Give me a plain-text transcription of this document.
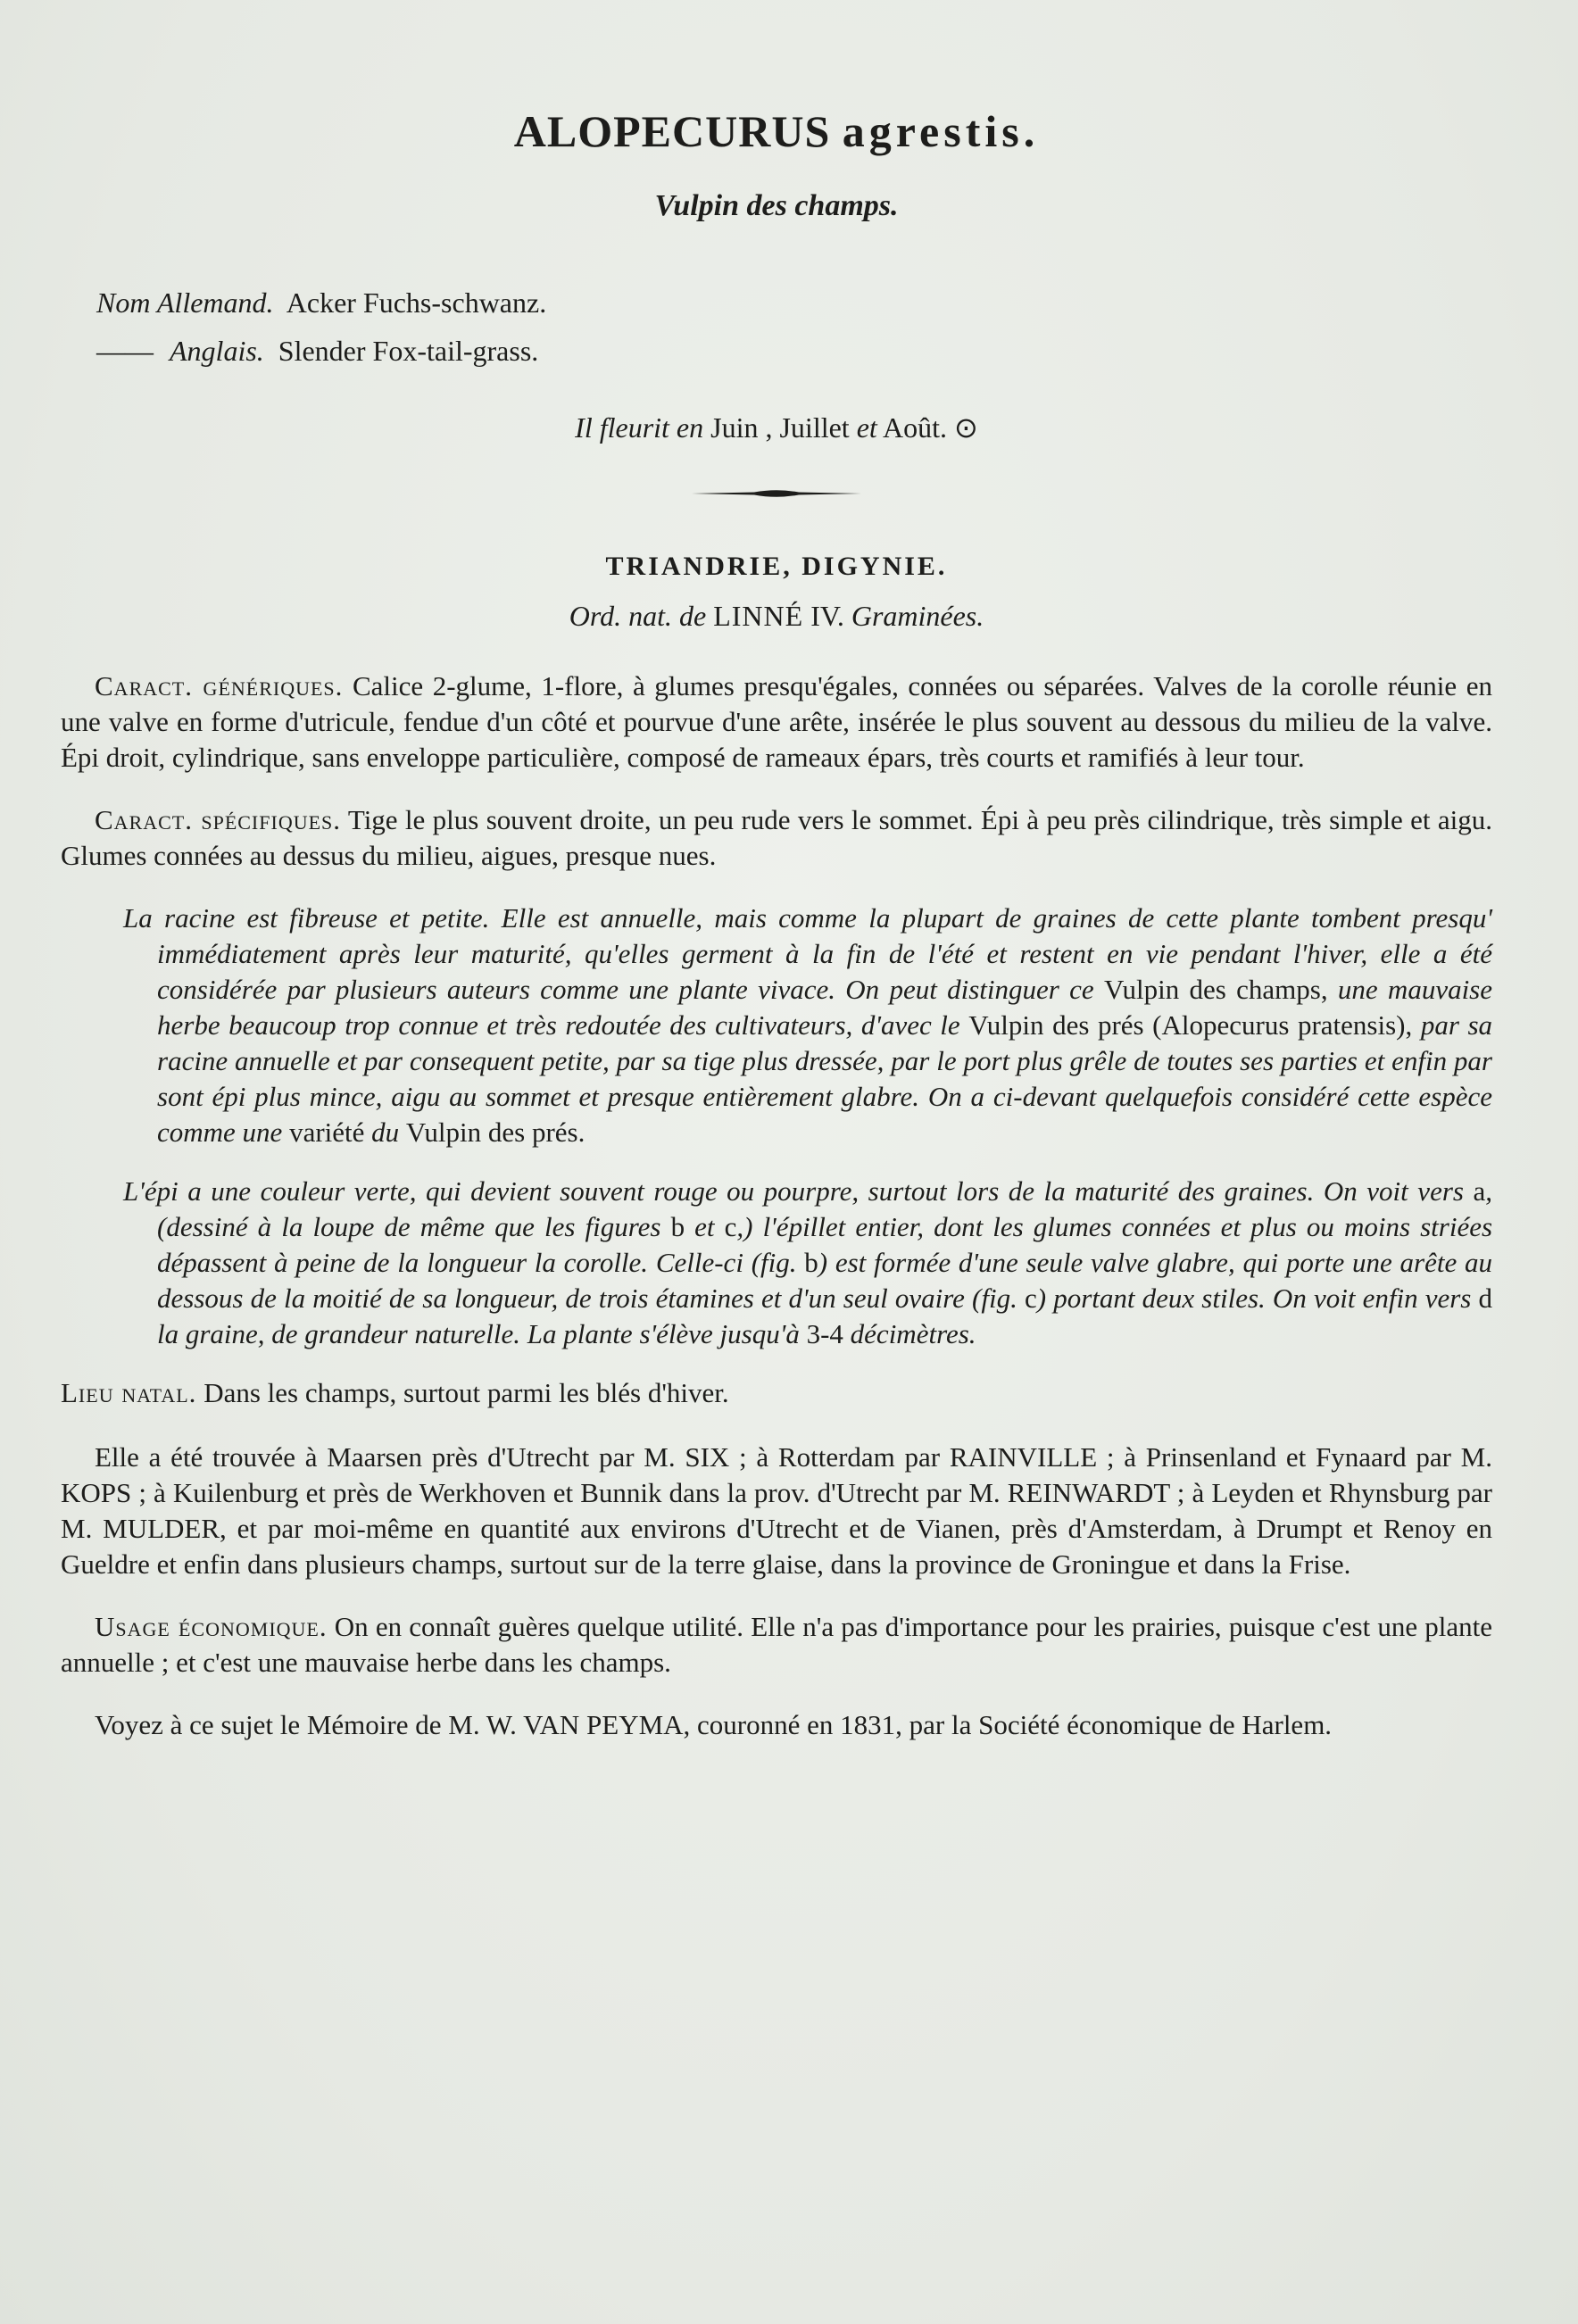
ALOPECURUS agrestis.
Vulpin des champs.
Nom Allemand. Acker Fuchs-schwanz.
—— Anglais. Slender Fox-tail-grass.
Il fleurit en Juin , Juillet et Août. ⊙
TRIANDRIE, DIGYNIE.
Ord. nat. de LINNÉ IV. Graminées.

Caract. génériques. Calice 2-glume, 1-flore, à glumes presqu'égales, connées ou séparées. Valves de la corolle réunie en une valve en forme d'utricule, fendue d'un côté et pourvue d'une arête, insérée le plus souvent au dessous du milieu de la valve. Épi droit, cylindrique, sans enveloppe particulière, composé de rameaux épars, très courts et ramifiés à leur tour.

Caract. spécifiques. Tige le plus souvent droite, un peu rude vers le sommet. Épi à peu près cilindrique, très simple et aigu. Glumes connées au dessus du milieu, aigues, presque nues.

La racine est fibreuse et petite. Elle est annuelle, mais comme la plupart de graines de cette plante tombent presqu' immédiatement après leur maturité, qu'elles germent à la fin de l'été et restent en vie pendant l'hiver, elle a été considérée par plusieurs auteurs comme une plante vivace. On peut distinguer ce Vulpin des champs, une mauvaise herbe beaucoup trop connue et très redoutée des cultivateurs, d'avec le Vulpin des prés (Alopecurus pratensis), par sa racine annuelle et par consequent petite, par sa tige plus dressée, par le port plus grêle de toutes ses parties et enfin par sont épi plus mince, aigu au sommet et presque entièrement glabre. On a ci-devant quelquefois considéré cette espèce comme une variété du Vulpin des prés.

L'épi a une couleur verte, qui devient souvent rouge ou pourpre, surtout lors de la maturité des graines. On voit vers a, (dessiné à la loupe de même que les figures b et c,) l'épillet entier, dont les glumes connées et plus ou moins striées dépassent à peine de la longueur la corolle. Celle-ci (fig. b) est formée d'une seule valve glabre, qui porte une arête au dessous de la moitié de sa longueur, de trois étamines et d'un seul ovaire (fig. c) portant deux stiles. On voit enfin vers d la graine, de grandeur naturelle. La plante s'élève jusqu'à 3-4 décimètres.

Lieu natal. Dans les champs, surtout parmi les blés d'hiver.

Elle a été trouvée à Maarsen près d'Utrecht par M. SIX ; à Rotterdam par RAINVILLE ; à Prinsenland et Fynaard par M. KOPS ; à Kuilenburg et près de Werkhoven et Bunnik dans la prov. d'Utrecht par M. REINWARDT ; à Leyden et Rhynsburg par M. MULDER, et par moi-même en quantité aux environs d'Utrecht et de Vianen, près d'Amsterdam, à Drumpt et Renoy en Gueldre et enfin dans plusieurs champs, surtout sur de la terre glaise, dans la province de Groningue et dans la Frise.

Usage économique. On en connaît guères quelque utilité. Elle n'a pas d'importance pour les prairies, puisque c'est une plante annuelle ; et c'est une mauvaise herbe dans les champs.

Voyez à ce sujet le Mémoire de M. W. VAN PEYMA, couronné en 1831, par la Société économique de Harlem.
